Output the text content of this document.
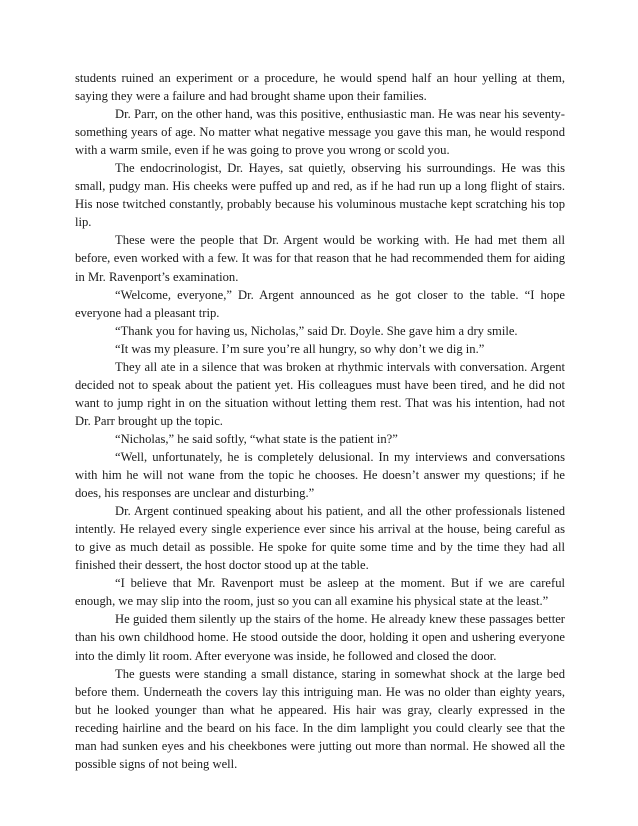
students ruined an experiment or a procedure, he would spend half an hour yelling at them, saying they were a failure and had brought shame upon their families.

Dr. Parr, on the other hand, was this positive, enthusiastic man. He was near his seventy-something years of age. No matter what negative message you gave this man, he would respond with a warm smile, even if he was going to prove you wrong or scold you.

The endocrinologist, Dr. Hayes, sat quietly, observing his surroundings. He was this small, pudgy man. His cheeks were puffed up and red, as if he had run up a long flight of stairs. His nose twitched constantly, probably because his voluminous mustache kept scratching his top lip.

These were the people that Dr. Argent would be working with. He had met them all before, even worked with a few. It was for that reason that he had recommended them for aiding in Mr. Ravenport’s examination.

“Welcome, everyone,” Dr. Argent announced as he got closer to the table. “I hope everyone had a pleasant trip.

“Thank you for having us, Nicholas,” said Dr. Doyle. She gave him a dry smile.

“It was my pleasure. I’m sure you’re all hungry, so why don’t we dig in.”

They all ate in a silence that was broken at rhythmic intervals with conversation. Argent decided not to speak about the patient yet. His colleagues must have been tired, and he did not want to jump right in on the situation without letting them rest. That was his intention, had not Dr. Parr brought up the topic.

“Nicholas,” he said softly, “what state is the patient in?”

“Well, unfortunately, he is completely delusional. In my interviews and conversations with him he will not wane from the topic he chooses. He doesn’t answer my questions; if he does, his responses are unclear and disturbing.”

Dr. Argent continued speaking about his patient, and all the other professionals listened intently. He relayed every single experience ever since his arrival at the house, being careful as to give as much detail as possible. He spoke for quite some time and by the time they had all finished their dessert, the host doctor stood up at the table.

“I believe that Mr. Ravenport must be asleep at the moment. But if we are careful enough, we may slip into the room, just so you can all examine his physical state at the least.”

He guided them silently up the stairs of the home. He already knew these passages better than his own childhood home. He stood outside the door, holding it open and ushering everyone into the dimly lit room. After everyone was inside, he followed and closed the door.

The guests were standing a small distance, staring in somewhat shock at the large bed before them. Underneath the covers lay this intriguing man. He was no older than eighty years, but he looked younger than what he appeared. His hair was gray, clearly expressed in the receding hairline and the beard on his face. In the dim lamplight you could clearly see that the man had sunken eyes and his cheekbones were jutting out more than normal. He showed all the possible signs of not being well.
